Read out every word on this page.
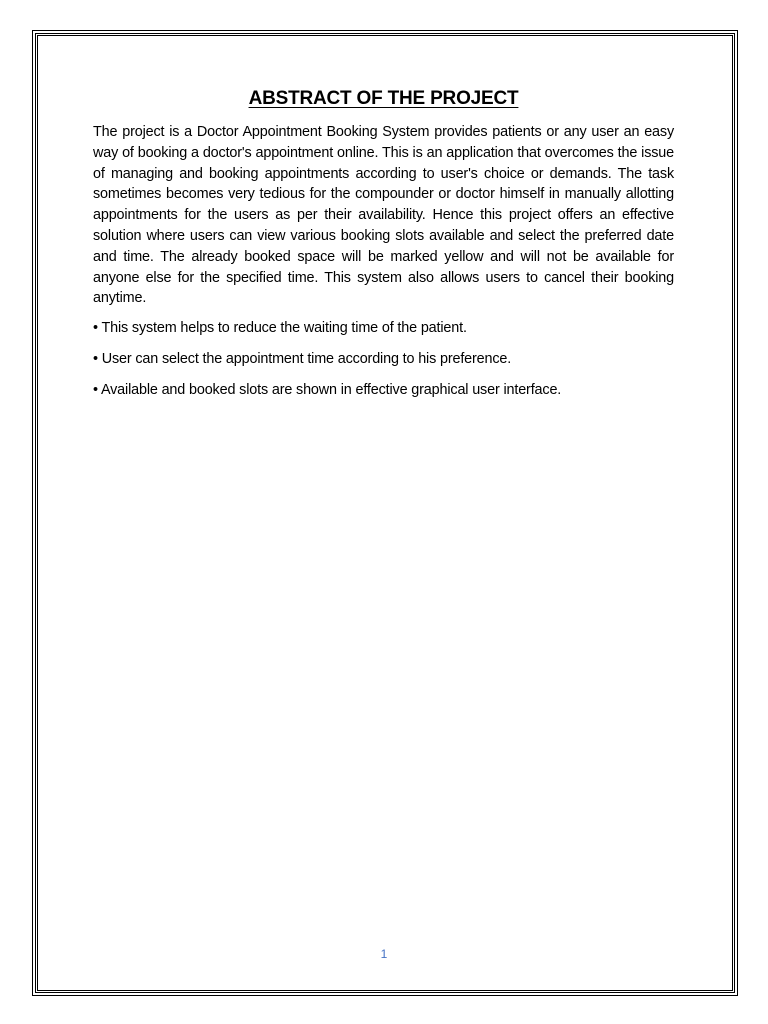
ABSTRACT OF THE PROJECT

The project is a Doctor Appointment Booking System provides patients or any user an easy way of booking a doctor's appointment online. This is an application that overcomes the issue of managing and booking appointments according to user's choice or demands. The task sometimes becomes very tedious for the compounder or doctor himself in manually allotting appointments for the users as per their availability. Hence this project offers an effective solution where users can view various booking slots available and select the preferred date and time. The already booked space will be marked yellow and will not be available for anyone else for the specified time. This system also allows users to cancel their booking anytime.

• This system helps to reduce the waiting time of the patient.

• User can select the appointment time according to his preference.

• Available and booked slots are shown in effective graphical user interface.

1
